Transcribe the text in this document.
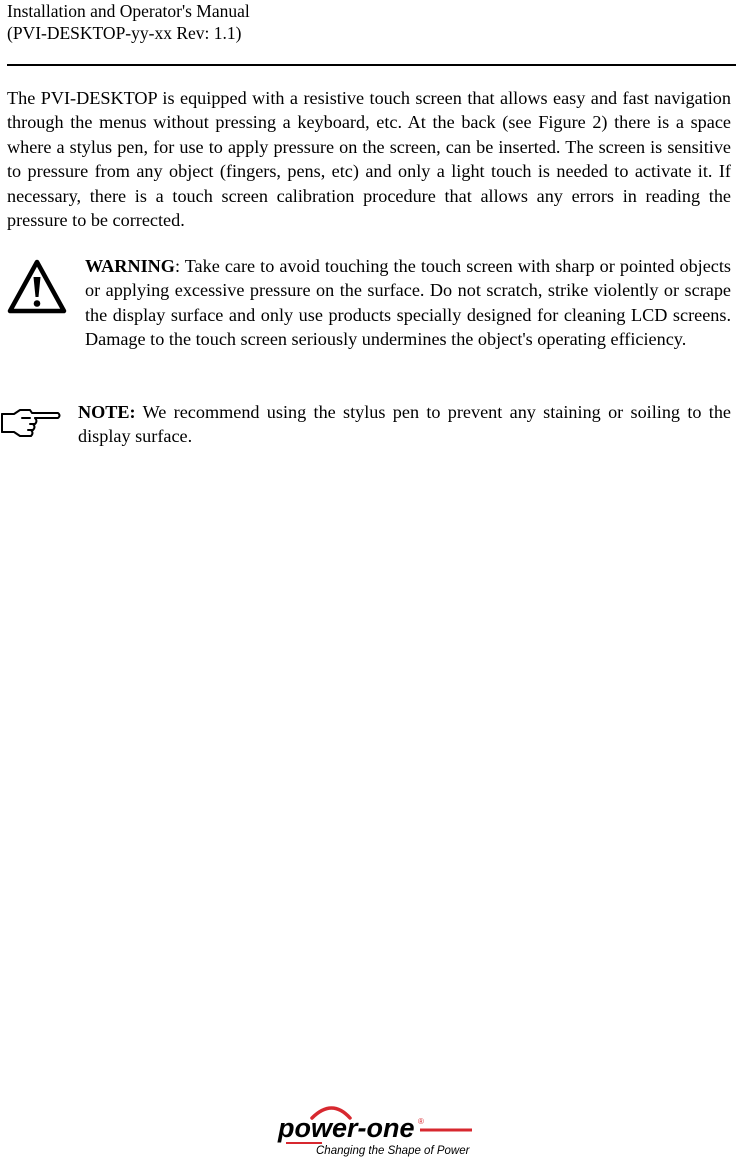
Installation and Operator's Manual
(PVI-DESKTOP-yy-xx Rev: 1.1)

The PVI-DESKTOP is equipped with a resistive touch screen that allows easy and fast navigation through the menus without pressing a keyboard, etc. At the back (see Figure 2) there is a space where a stylus pen, for use to apply pressure on the screen, can be inserted. The screen is sensitive to pressure from any object (fingers, pens, etc) and only a light touch is needed to activate it. If necessary, there is a touch screen calibration procedure that allows any errors in reading the pressure to be corrected.

WARNING: Take care to avoid touching the touch screen with sharp or pointed objects or applying excessive pressure on the surface. Do not scratch, strike violently or scrape the display surface and only use products specially designed for cleaning LCD screens. Damage to the touch screen seriously undermines the object's operating efficiency.

NOTE: We recommend using the stylus pen to prevent any staining or soiling to the display surface.

power-one ®
Changing the Shape of Power
